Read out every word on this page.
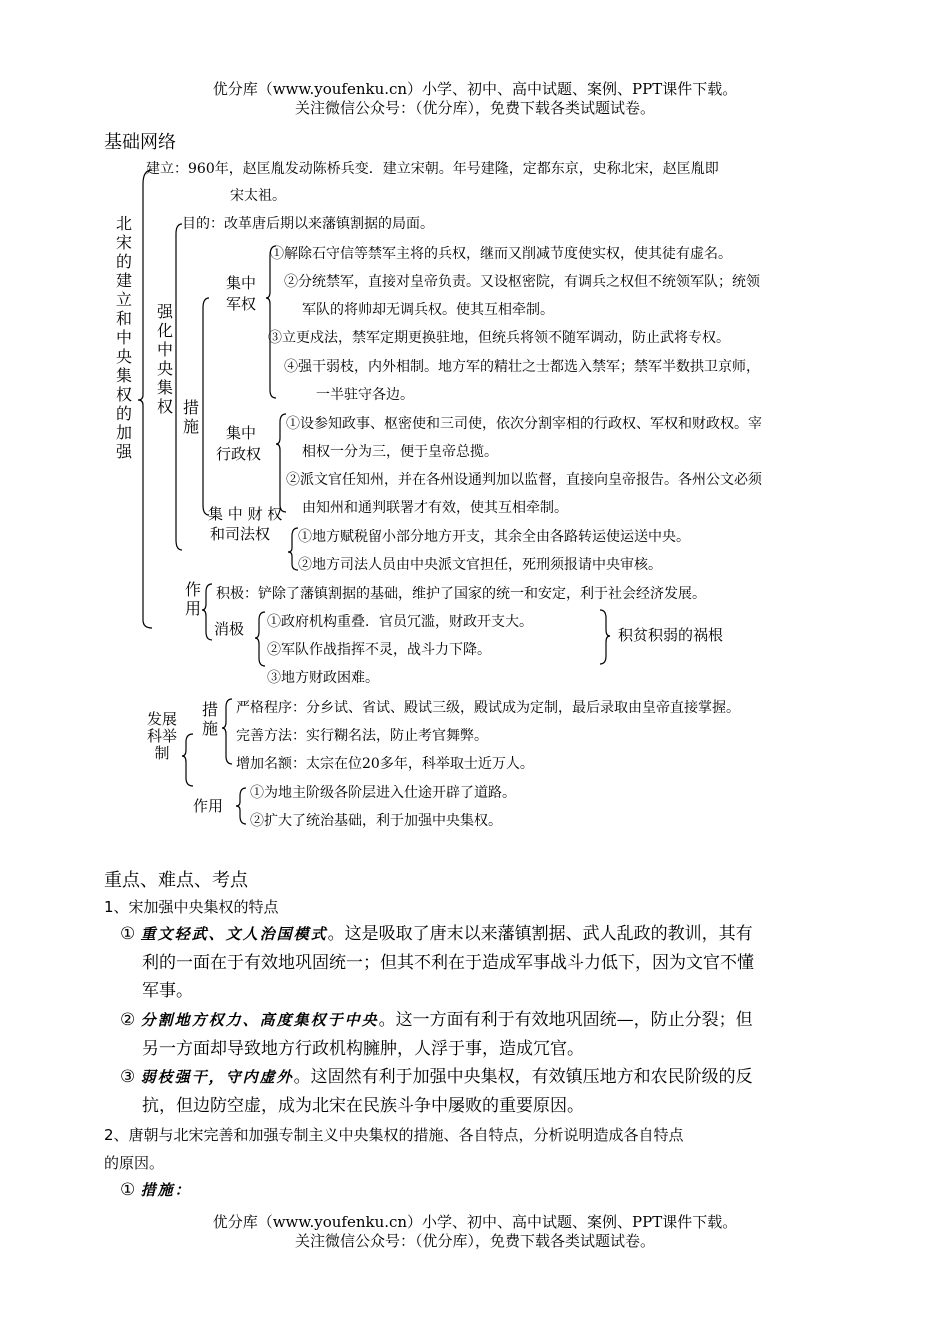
优分库（www.youfenku.cn）小学、初中、高中试题、案例、PPT课件下载。
关注微信公众号：（优分库），免费下载各类试题试卷。
基础网络
北宋的建立和中央集权的加强
建立：960年，赵匡胤发动陈桥兵变．建立宋朝。年号建隆，定都东京，史称北宋，赵匡胤即
宋太祖。
强化中央集权
目的：改革唐后期以来藩镇割据的局面。
措施
集中
军权
①解除石守信等禁军主将的兵权，继而又削减节度使实权，使其徒有虚名。
②分统禁军，直接对皇帝负责。又设枢密院，有调兵之权但不统领军队；统领
军队的将帅却无调兵权。使其互相牵制。
③立更戍法，禁军定期更换驻地，但统兵将领不随军调动，防止武将专权。
④强干弱枝，内外相制。地方军的精壮之士都选入禁军；禁军半数拱卫京师，
一半驻守各边。
集中
行政权
①设参知政事、枢密使和三司使，依次分割宰相的行政权、军权和财政权。宰
相权一分为三，便于皇帝总揽。
②派文官任知州，并在各州设通判加以监督，直接向皇帝报告。各州公文必须
由知州和通判联署才有效，使其互相牵制。
集 中 财 权
和司法权 ①地方赋税留小部分地方开支，其余全由各路转运使运送中央。
②地方司法人员由中央派文官担任，死刑须报请中央审核。
作用
积极：铲除了藩镇割据的基础，维护了国家的统一和安定，利于社会经济发展。
消极 ①政府机构重叠．官员冗滥，财政开支大。
②军队作战指挥不灵，战斗力下降。
③地方财政困难。
积贫积弱的祸根
发展科举制
措施
严格程序：分乡试、省试、殿试三级，殿试成为定制，最后录取由皇帝直接掌握。
完善方法：实行糊名法，防止考官舞弊。
增加名额：太宗在位20多年，科举取士近万人。
作用
①为地主阶级各阶层进入仕途开辟了道路。
②扩大了统治基础，利于加强中央集权。
重点、难点、考点
1、宋加强中央集权的特点
① 重文轻武、文人治国模式。这是吸取了唐末以来藩镇割据、武人乱政的教训，其有
利的一面在于有效地巩固统一；但其不利在于造成军事战斗力低下，因为文官不懂
军事。
② 分割地方权力、高度集权于中央。这一方面有利于有效地巩固统—，防止分裂；但
另一方面却导致地方行政机构臃肿，人浮于事，造成冗官。
③ 弱枝强干，守内虚外。这固然有利于加强中央集权，有效镇压地方和农民阶级的反
抗，但边防空虚，成为北宋在民族斗争中屡败的重要原因。
2、唐朝与北宋完善和加强专制主义中央集权的措施、各自特点，分析说明造成各自特点
的原因。
① 措施：
优分库（www.youfenku.cn）小学、初中、高中试题、案例、PPT课件下载。
关注微信公众号：（优分库），免费下载各类试题试卷。
